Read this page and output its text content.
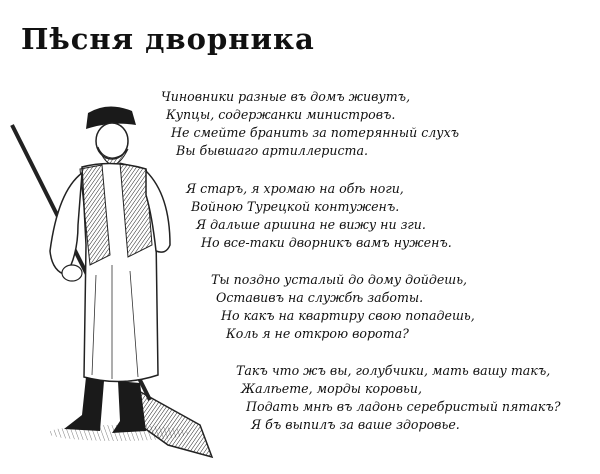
Пѣсня дворника
Чиновники разные въ домъ живутъ,
Купцы, содержанки министровъ.
Не смейте бранить за потерянный слухъ
Вы бывшаго артиллериста.
Я старъ, я хромаю на обѣ ноги,
Войною Турецкой контуженъ.
Я дальше аршина не вижу ни зги.
Но все-таки дворникъ вамъ нуженъ.
Ты поздно усталый до дому дойдешь,
Оставивъ на службѣ заботы.
Но какъ на квартиру свою попадешь,
Коль я не открою ворота?
Такъ что жъ вы, голубчики, мать вашу такъ,
Жалѣете, морды коровьи,
Подать мнѣ въ ладонь серебристый пятакъ?
Я бъ выпилъ за ваше здоровье.
